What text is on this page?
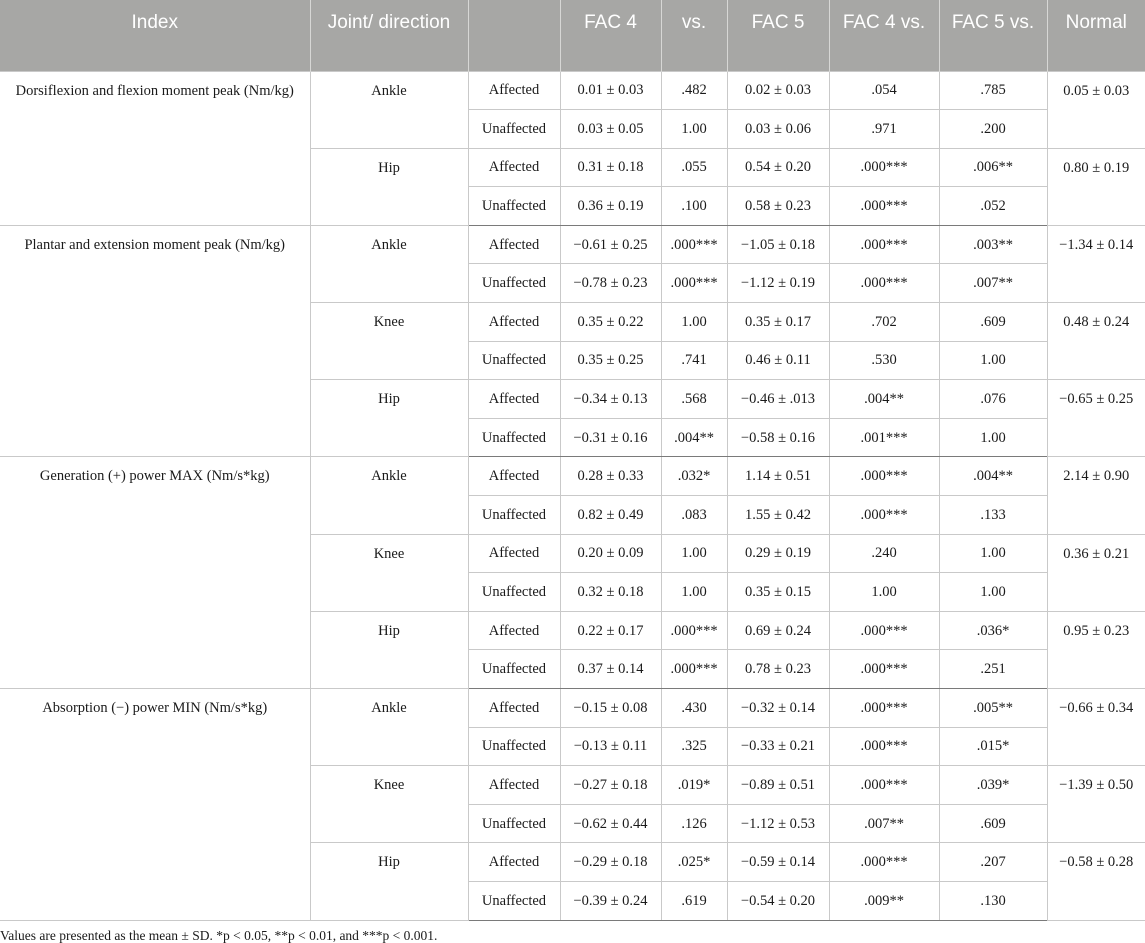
Index	Joint/ direction		FAC 4	vs.	FAC 5	FAC 4 vs.	FAC 5 vs.	Normal
Dorsiflexion and flexion moment peak (Nm/kg)	Ankle	Affected	0.01 ± 0.03	.482	0.02 ± 0.03	.054	.785	0.05 ± 0.03
		Unaffected	0.03 ± 0.05	1.00	0.03 ± 0.06	.971	.200	
	Hip	Affected	0.31 ± 0.18	.055	0.54 ± 0.20	.000***	.006**	0.80 ± 0.19
		Unaffected	0.36 ± 0.19	.100	0.58 ± 0.23	.000***	.052	
Plantar and extension moment peak (Nm/kg)	Ankle	Affected	−0.61 ± 0.25	.000***	−1.05 ± 0.18	.000***	.003**	−1.34 ± 0.14
		Unaffected	−0.78 ± 0.23	.000***	−1.12 ± 0.19	.000***	.007**	
	Knee	Affected	0.35 ± 0.22	1.00	0.35 ± 0.17	.702	.609	0.48 ± 0.24
		Unaffected	0.35 ± 0.25	.741	0.46 ± 0.11	.530	1.00	
	Hip	Affected	−0.34 ± 0.13	.568	−0.46 ± .013	.004**	.076	−0.65 ± 0.25
		Unaffected	−0.31 ± 0.16	.004**	−0.58 ± 0.16	.001***	1.00	
Generation (+) power MAX (Nm/s*kg)	Ankle	Affected	0.28 ± 0.33	.032*	1.14 ± 0.51	.000***	.004**	2.14 ± 0.90
		Unaffected	0.82 ± 0.49	.083	1.55 ± 0.42	.000***	.133	
	Knee	Affected	0.20 ± 0.09	1.00	0.29 ± 0.19	.240	1.00	0.36 ± 0.21
		Unaffected	0.32 ± 0.18	1.00	0.35 ± 0.15	1.00	1.00	
	Hip	Affected	0.22 ± 0.17	.000***	0.69 ± 0.24	.000***	.036*	0.95 ± 0.23
		Unaffected	0.37 ± 0.14	.000***	0.78 ± 0.23	.000***	.251	
Absorption (−) power MIN (Nm/s*kg)	Ankle	Affected	−0.15 ± 0.08	.430	−0.32 ± 0.14	.000***	.005**	−0.66 ± 0.34
		Unaffected	−0.13 ± 0.11	.325	−0.33 ± 0.21	.000***	.015*	
	Knee	Affected	−0.27 ± 0.18	.019*	−0.89 ± 0.51	.000***	.039*	−1.39 ± 0.50
		Unaffected	−0.62 ± 0.44	.126	−1.12 ± 0.53	.007**	.609	
	Hip	Affected	−0.29 ± 0.18	.025*	−0.59 ± 0.14	.000***	.207	−0.58 ± 0.28
		Unaffected	−0.39 ± 0.24	.619	−0.54 ± 0.20	.009**	.130	
Values are presented as the mean ± SD. *p < 0.05, **p < 0.01, and ***p < 0.001.
